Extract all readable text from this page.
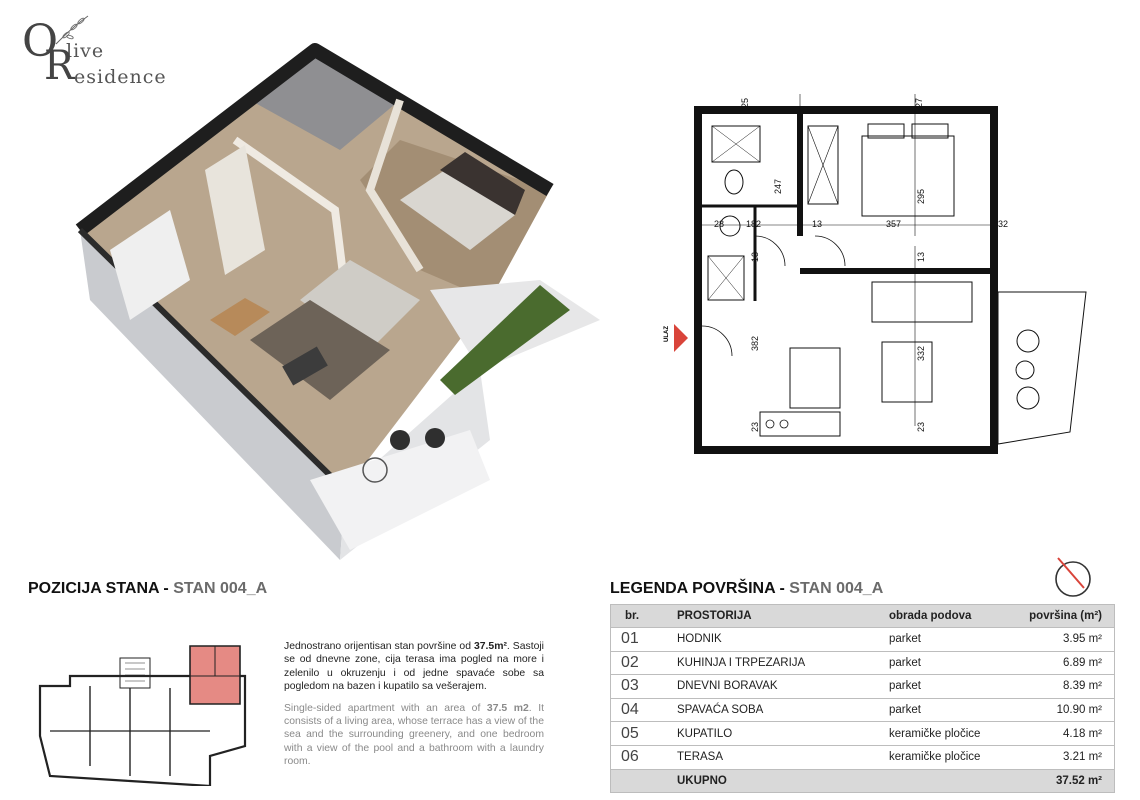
O live
R esidence
ULAZ
25	27
247
295
28 182	13	357	32
13
13
382
332
23	23
POZICIJA STANA - STAN 004_A

Jednostrano orijentisan stan površine od 37.5m². Sastoji se od dnevne zone, cija terasa ima pogled na more i zelenilo u okruzenju i od jedne spavaće sobe sa pogledom na bazen i kupatilo sa vešerajem.

Single-sided apartment with an area of 37.5 m2. It consists of a living area, whose terrace has a view of the sea and the surrounding greenery, and one bedroom with a view of the pool and a bathroom with a laundry room.

LEGENDA POVRŠINA - STAN 004_A
br.	PROSTORIJA	obrada podova	površina (m²)
01	HODNIK	parket	3.95 m²
02	KUHINJA I TRPEZARIJA	parket	6.89 m²
03	DNEVNI BORAVAK	parket	8.39 m²
04	SPAVAĆA SOBA	parket	10.90 m²
05	KUPATILO	keramičke pločice	4.18 m²
06	TERASA	keramičke pločice	3.21 m²
	UKUPNO		37.52 m²
